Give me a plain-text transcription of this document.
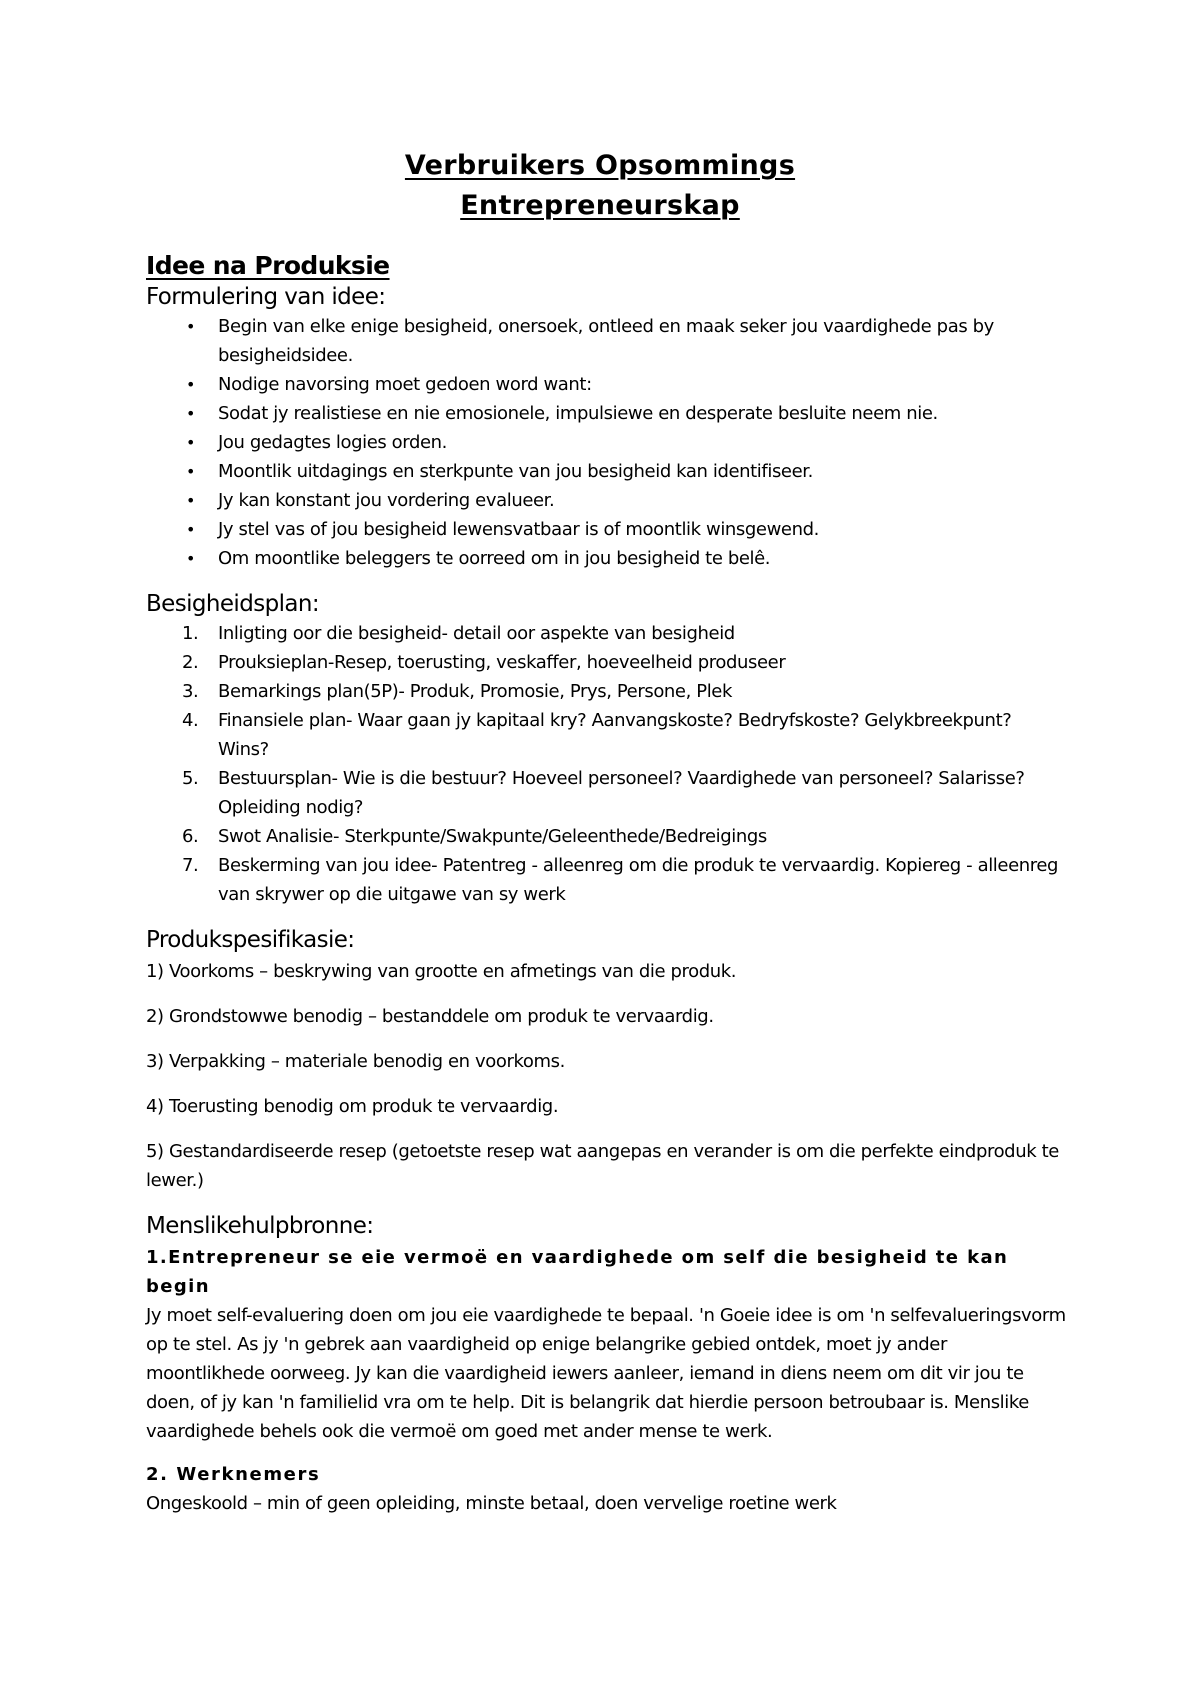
Verbruikers Opsommings
Entrepreneurskap
Idee na Produksie
Formulering van idee:
• Begin van elke enige besigheid, onersoek, ontleed en maak seker jou vaardighede pas by besigheidsidee.
• Nodige navorsing moet gedoen word want:
• Sodat jy realistiese en nie emosionele, impulsiewe en desperate besluite neem nie.
• Jou gedagtes logies orden.
• Moontlik uitdagings en sterkpunte van jou besigheid kan identifiseer.
• Jy kan konstant jou vordering evalueer.
• Jy stel vas of jou besigheid lewensvatbaar is of moontlik winsgewend.
• Om moontlike beleggers te oorreed om in jou besigheid te belê.
Besigheidsplan:
1. Inligting oor die besigheid- detail oor aspekte van besigheid
2. Prouksieplan-Resep, toerusting, veskaffer, hoeveelheid produseer
3. Bemarkings plan(5P)- Produk, Promosie, Prys, Persone, Plek
4. Finansiele plan- Waar gaan jy kapitaal kry? Aanvangskoste? Bedryfskoste? Gelykbreekpunt? Wins?
5. Bestuursplan- Wie is die bestuur? Hoeveel personeel? Vaardighede van personeel? Salarisse? Opleiding nodig?
6. Swot Analisie- Sterkpunte/Swakpunte/Geleenthede/Bedreigings
7. Beskerming van jou idee- Patentreg - alleenreg om die produk te vervaardig. Kopiereg - alleenreg van skrywer op die uitgawe van sy werk
Produkspesifikasie:

1) Voorkoms – beskrywing van grootte en afmetings van die produk.

2) Grondstowwe benodig – bestanddele om produk te vervaardig.

3) Verpakking – materiale benodig en voorkoms.

4) Toerusting benodig om produk te vervaardig.

5) Gestandardiseerde resep (getoetste resep wat aangepas en verander is om die perfekte eindproduk te lewer.)

Menslikehulpbronne:

1.Entrepreneur se eie vermoë en vaardighede om self die besigheid te kan begin

Jy moet self-evaluering doen om jou eie vaardighede te bepaal. 'n Goeie idee is om 'n selfevalueringsvorm op te stel. As jy 'n gebrek aan vaardigheid op enige belangrike gebied ontdek, moet jy ander moontlikhede oorweeg. Jy kan die vaardigheid iewers aanleer, iemand in diens neem om dit vir jou te doen, of jy kan 'n familielid vra om te help. Dit is belangrik dat hierdie persoon betroubaar is. Menslike vaardighede behels ook die vermoë om goed met ander mense te werk.

2. Werknemers

Ongeskoold – min of geen opleiding, minste betaal, doen vervelige roetine werk
